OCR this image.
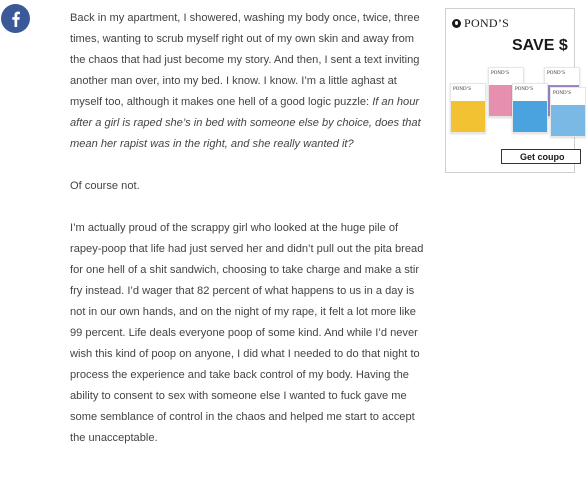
Back in my apartment, I showered, washing my body once, twice, three times, wanting to scrub myself right out of my own skin and away from the chaos that had just become my story. And then, I sent a text inviting another man over, into my bed. I know. I know. I’m a little aghast at myself too, although it makes one hell of a good logic puzzle: If an hour after a girl is raped she’s in bed with someone else by choice, does that mean her rapist was in the right, and she really wanted it?

Of course not.

I’m actually proud of the scrappy girl who looked at the huge pile of rapey-poop that life had just served her and didn’t pull out the pita bread for one hell of a shit sandwich, choosing to take charge and make a stir fry instead. I’d wager that 82 percent of what happens to us in a day is not in our own hands, and on the night of my rape, it felt a lot more like 99 percent. Life deals everyone poop of some kind. And while I’d never wish this kind of poop on anyone, I did what I needed to do that night to process the experience and take back control of my body. Having the ability to consent to sex with someone else I wanted to fuck gave me some semblance of control in the chaos and helped me start to accept the unacceptable.

POND’S
SAVE $
POND’S	POND’S
POND’S	POND’S
POND’S
Get coupo
